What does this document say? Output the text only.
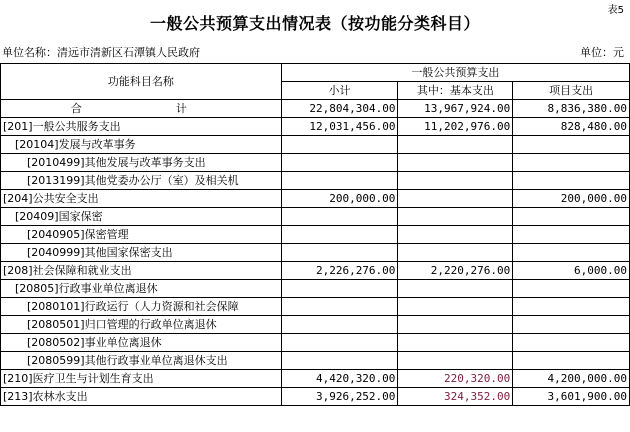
表5
一般公共预算支出情况表（按功能分类科目）
单位名称：清远市清新区石潭镇人民政府	单位：元
功能科目名称	一般公共预算支出		
	小计	其中：基本支出	项目支出
合　　计	22,804,304.00	13,967,924.00	8,836,380.00
[201]一般公共服务支出	12,031,456.00	11,202,976.00	828,480.00
[20104]发展与改革事务			
[2010499]其他发展与改革事务支出			
[2013199]其他党委办公厅（室）及相关机			
[204]公共安全支出	200,000.00		200,000.00
[20409]国家保密			
[2040905]保密管理			
[2040999]其他国家保密支出			
[208]社会保障和就业支出	2,226,276.00	2,220,276.00	6,000.00
[20805]行政事业单位离退休			
[2080101]行政运行（人力资源和社会保障			
[2080501]归口管理的行政单位离退休			
[2080502]事业单位离退休			
[2080599]其他行政事业单位离退休支出			
[210]医疗卫生与计划生育支出	4,420,320.00	220,320.00	4,200,000.00
[213]农林水支出	3,926,252.00	324,352.00	3,601,900.00
